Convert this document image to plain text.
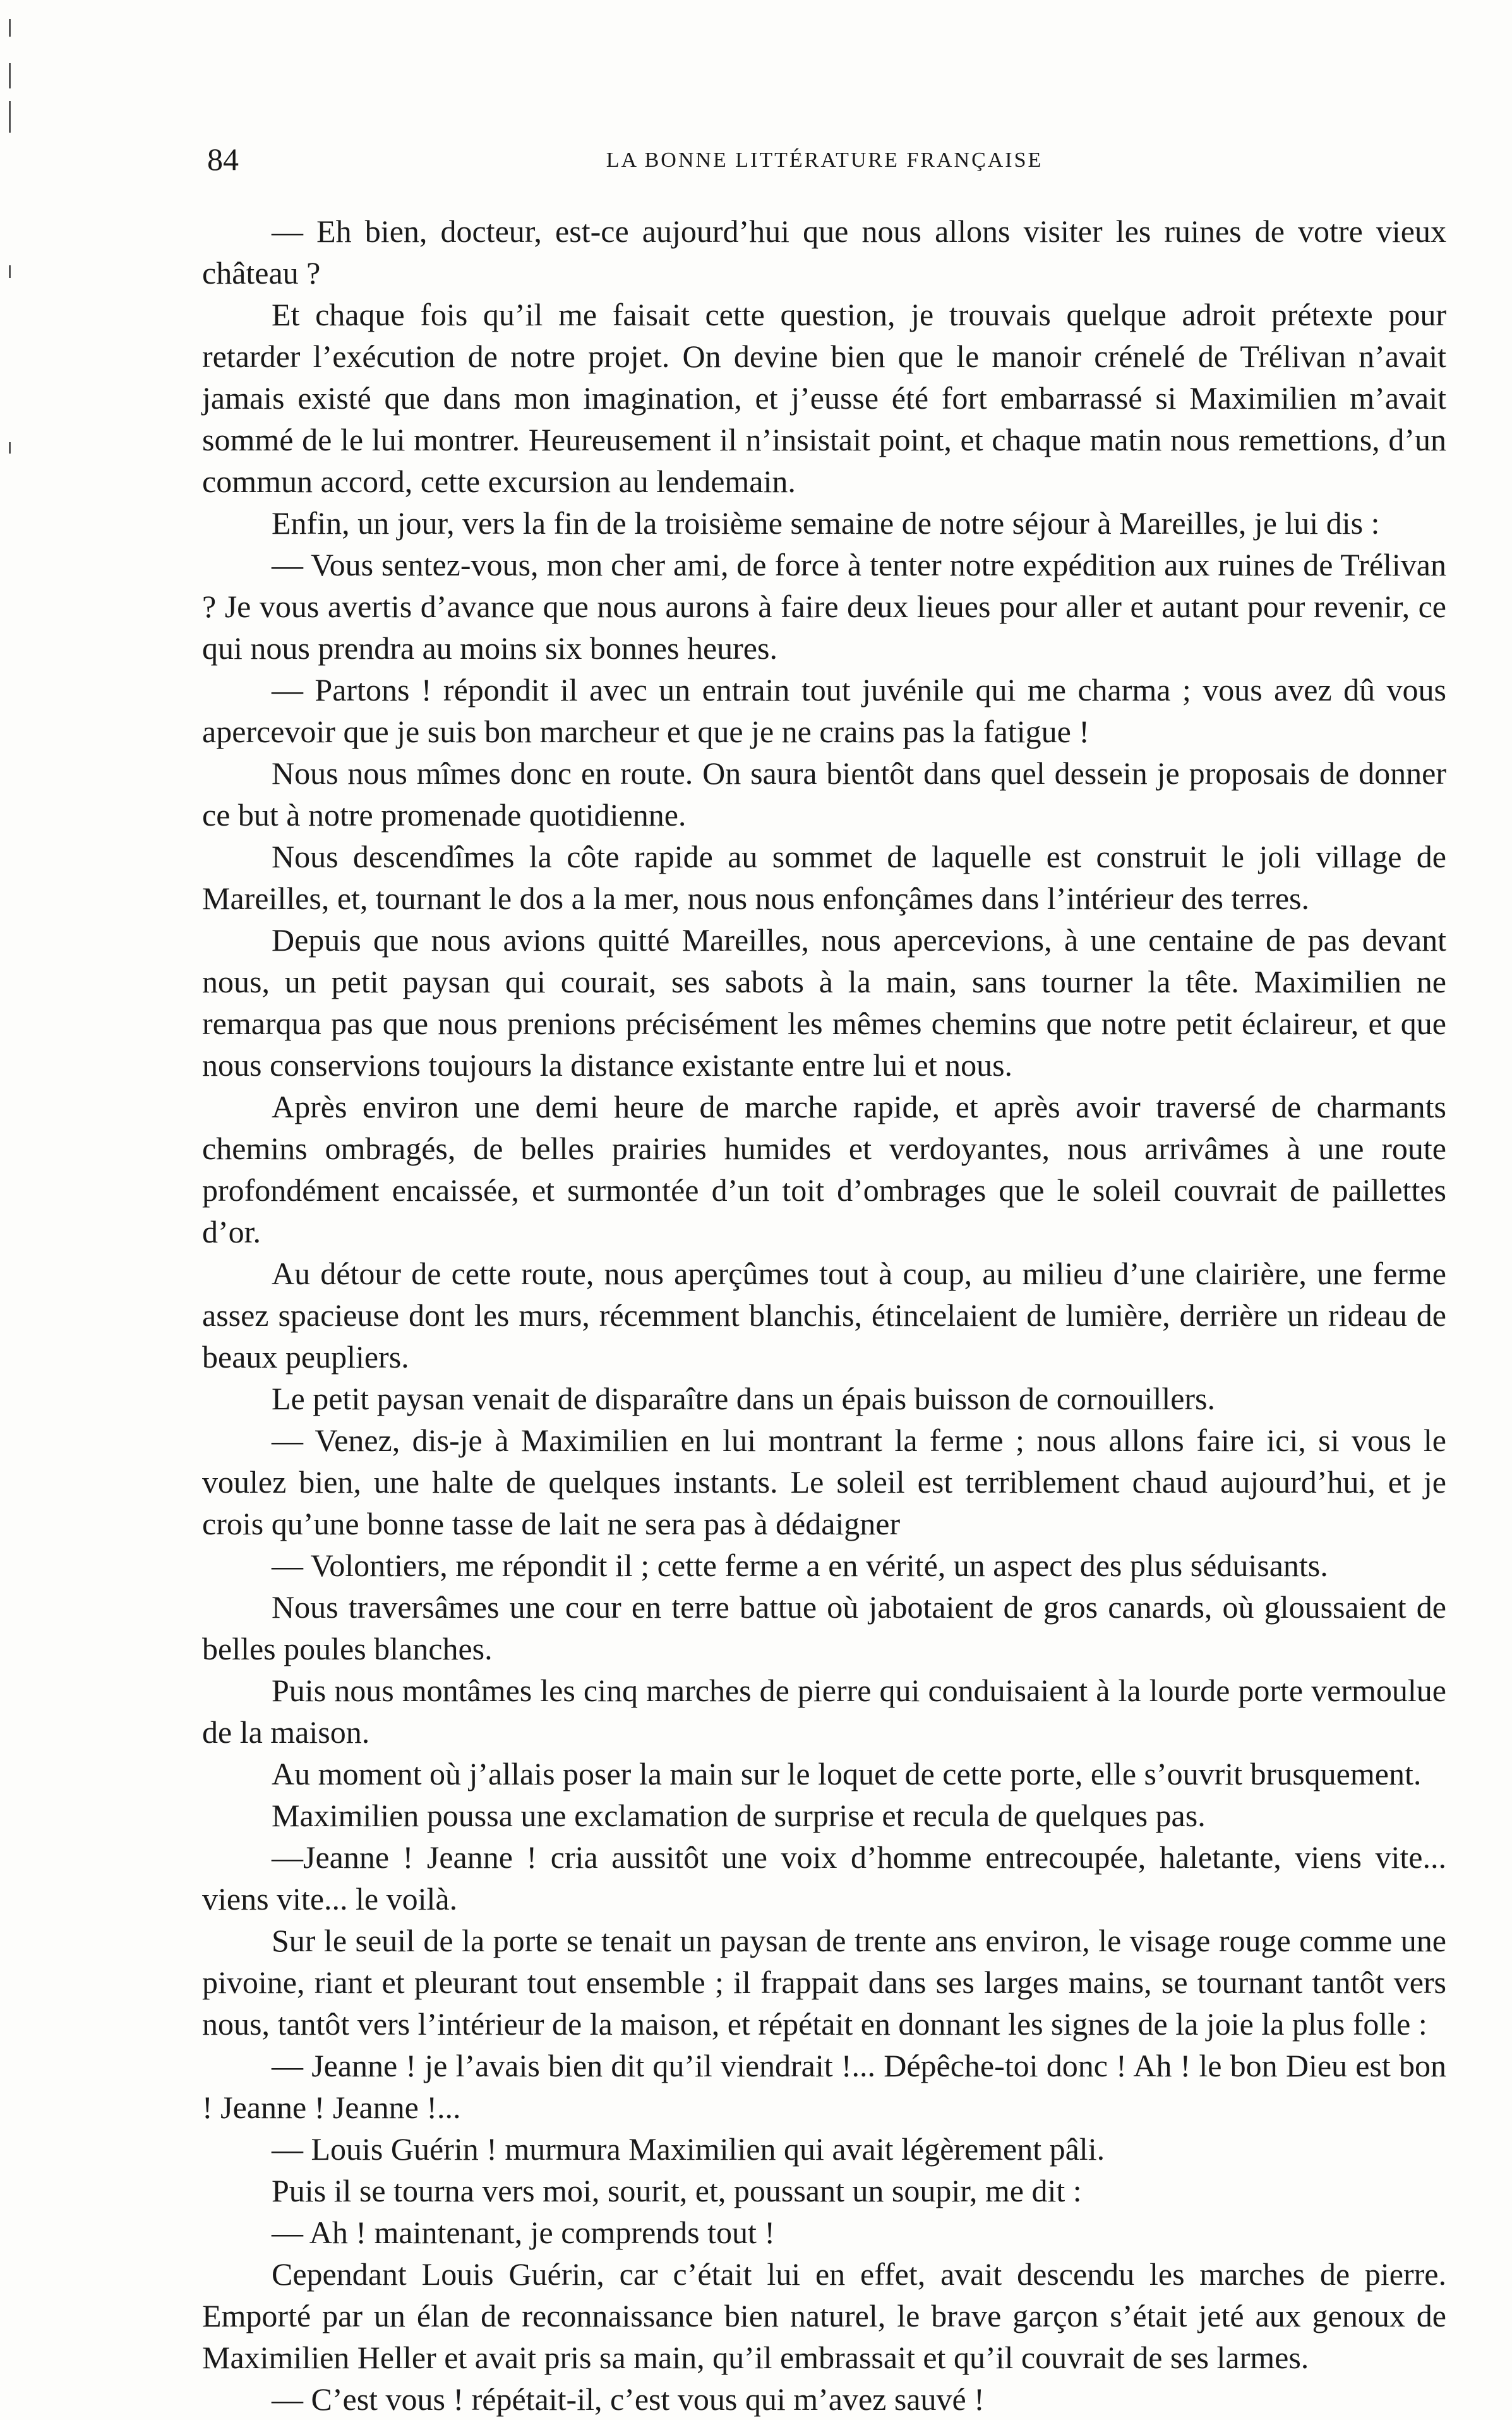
84	LA BONNE LITTÉRATURE FRANÇAISE

— Eh bien, docteur, est-ce aujourd’hui que nous allons visiter les ruines de votre vieux château ?

Et chaque fois qu’il me faisait cette question, je trouvais quelque adroit prétexte pour retarder l’exécution de notre projet. On devine bien que le manoir crénelé de Trélivan n’avait jamais existé que dans mon imagination, et j’eusse été fort embarrassé si Maximilien m’avait sommé de le lui montrer. Heureusement il n’insistait point, et chaque matin nous remettions, d’un commun accord, cette excursion au lendemain.

Enfin, un jour, vers la fin de la troisième semaine de notre séjour à Mareilles, je lui dis :

— Vous sentez-vous, mon cher ami, de force à tenter notre expédition aux ruines de Trélivan ? Je vous avertis d’avance que nous aurons à faire deux lieues pour aller et autant pour revenir, ce qui nous prendra au moins six bonnes heures.

— Partons ! répondit il avec un entrain tout juvénile qui me charma ; vous avez dû vous apercevoir que je suis bon marcheur et que je ne crains pas la fatigue !

Nous nous mîmes donc en route. On saura bientôt dans quel dessein je proposais de donner ce but à notre promenade quotidienne.

Nous descendîmes la côte rapide au sommet de laquelle est construit le joli village de Mareilles, et, tournant le dos a la mer, nous nous enfonçâmes dans l’intérieur des terres.

Depuis que nous avions quitté Mareilles, nous apercevions, à une centaine de pas devant nous, un petit paysan qui courait, ses sabots à la main, sans tourner la tête. Maximilien ne remarqua pas que nous prenions précisément les mêmes chemins que notre petit éclaireur, et que nous conservions toujours la distance existante entre lui et nous.

Après environ une demi heure de marche rapide, et après avoir traversé de charmants chemins ombragés, de belles prairies humides et verdoyantes, nous arrivâmes à une route profondément encaissée, et surmontée d’un toit d’ombrages que le soleil couvrait de paillettes d’or.

Au détour de cette route, nous aperçûmes tout à coup, au milieu d’une clairière, une ferme assez spacieuse dont les murs, récemment blanchis, étincelaient de lumière, derrière un rideau de beaux peupliers.

Le petit paysan venait de disparaître dans un épais buisson de cornouillers.

— Venez, dis-je à Maximilien en lui montrant la ferme ; nous allons faire ici, si vous le voulez bien, une halte de quelques instants. Le soleil est terriblement chaud aujourd’hui, et je crois qu’une bonne tasse de lait ne sera pas à dédaigner

— Volontiers, me répondit il ; cette ferme a en vérité, un aspect des plus séduisants.

Nous traversâmes une cour en terre battue où jabotaient de gros canards, où gloussaient de belles poules blanches.

Puis nous montâmes les cinq marches de pierre qui conduisaient à la lourde porte vermoulue de la maison.

Au moment où j’allais poser la main sur le loquet de cette porte, elle s’ouvrit brusquement.

Maximilien poussa une exclamation de surprise et recula de quelques pas.

—Jeanne ! Jeanne ! cria aussitôt une voix d’homme entrecoupée, haletante, viens vite... viens vite... le voilà.

Sur le seuil de la porte se tenait un paysan de trente ans environ, le visage rouge comme une pivoine, riant et pleurant tout ensemble ; il frappait dans ses larges mains, se tournant tantôt vers nous, tantôt vers l’intérieur de la maison, et répétait en donnant les signes de la joie la plus folle :

— Jeanne ! je l’avais bien dit qu’il viendrait !... Dépêche-toi donc ! Ah ! le bon Dieu est bon ! Jeanne ! Jeanne !...

— Louis Guérin ! murmura Maximilien qui avait légèrement pâli.

Puis il se tourna vers moi, sourit, et, poussant un soupir, me dit :

— Ah ! maintenant, je comprends tout !

Cependant Louis Guérin, car c’était lui en effet, avait descendu les marches de pierre. Emporté par un élan de reconnaissance bien naturel, le brave garçon s’était jeté aux genoux de Maximilien Heller et avait pris sa main, qu’il embrassait et qu’il couvrait de ses larmes.

— C’est vous ! répétait-il, c’est vous qui m’avez sauvé !
